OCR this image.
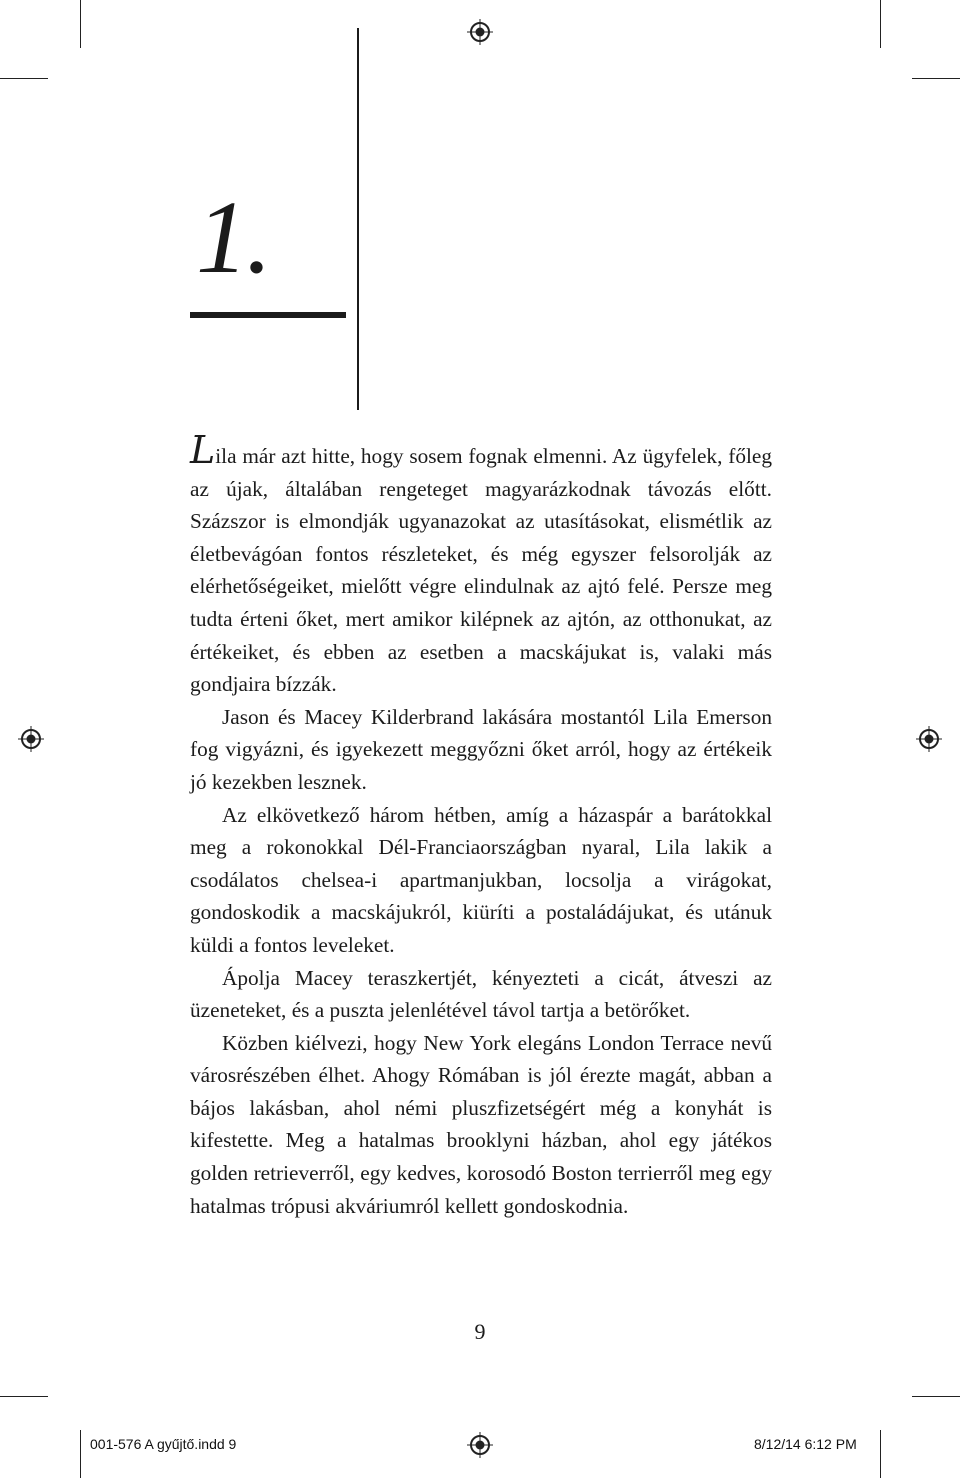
1.

Lila már azt hitte, hogy sosem fognak elmenni. Az ügyfelek, főleg az újak, általában rengeteget magyarázkodnak távozás előtt. Százszor is elmondják ugyanazokat az utasításokat, elismétlik az életbevágóan fontos részleteket, és még egyszer felsorolják az elérhetőségeiket, mielőtt végre elindulnak az ajtó felé. Persze meg tudta érteni őket, mert amikor kilépnek az ajtón, az otthonukat, az értékeiket, és ebben az esetben a macskájukat is, valaki más gondjaira bízzák.

Jason és Macey Kilderbrand lakására mostantól Lila Emerson fog vigyázni, és igyekezett meggyőzni őket arról, hogy az értékeik jó kezekben lesznek.

Az elkövetkező három hétben, amíg a házaspár a barátokkal meg a rokonokkal Dél-Franciaországban nyaral, Lila lakik a csodálatos chelsea-i apartmanjukban, locsolja a virágokat, gondoskodik a macskájukról, kiüríti a postaládájukat, és utánuk küldi a fontos leveleket.

Ápolja Macey teraszkertjét, kényezteti a cicát, átveszi az üzeneteket, és a puszta jelenlétével távol tartja a betörőket.

Közben kiélvezi, hogy New York elegáns London Terrace nevű városrészében élhet. Ahogy Rómában is jól érezte magát, abban a bájos lakásban, ahol némi pluszfizetségért még a konyhát is kifestette. Meg a hatalmas brooklyni házban, ahol egy játékos golden retrieverről, egy kedves, korosodó Boston terrierről meg egy hatalmas trópusi akváriumról kellett gondoskodnia.

9
001-576 A gyűjtő.indd 9	8/12/14 6:12 PM
